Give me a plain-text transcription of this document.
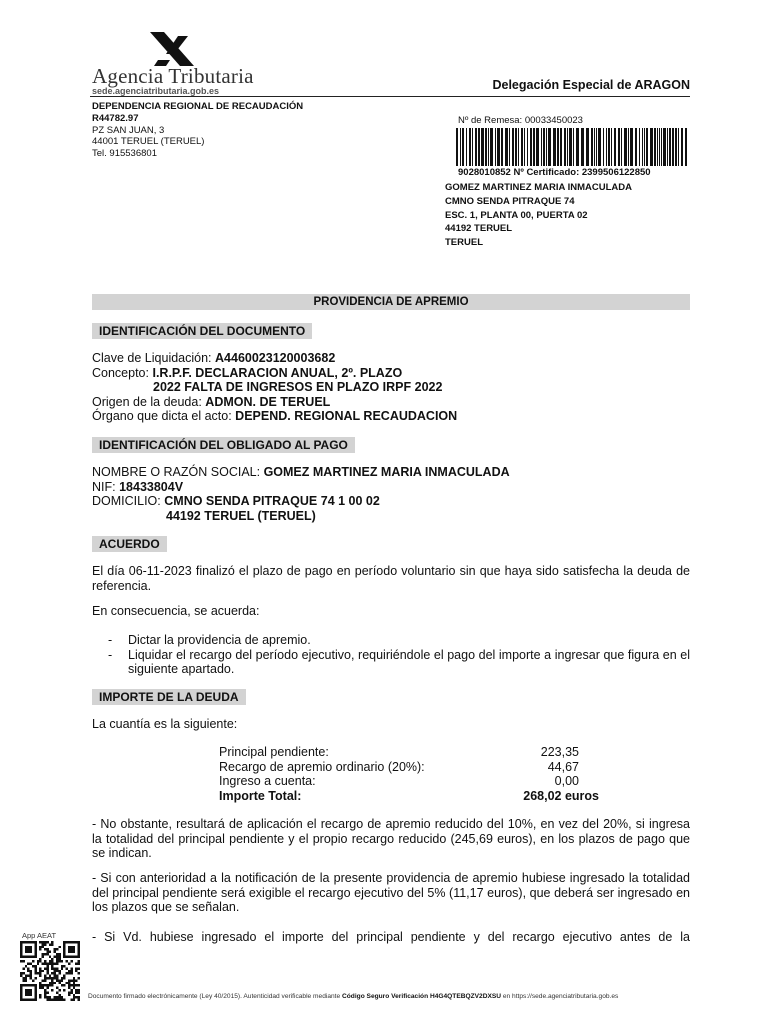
Agencia Tributaria
sede.agenciatributaria.gob.es	Delegación Especial de ARAGON
DEPENDENCIA REGIONAL DE RECAUDACIÓN
R44782.97
PZ SAN JUAN, 3
44001 TERUEL (TERUEL)
Tel. 915536801
Nº de Remesa: 00033450023
9028010852 Nº Certificado: 2399506122850
GOMEZ MARTINEZ MARIA INMACULADA
CMNO SENDA PITRAQUE 74
ESC. 1, PLANTA 00, PUERTA 02
44192 TERUEL
TERUEL
PROVIDENCIA DE APREMIO
IDENTIFICACIÓN DEL DOCUMENTO
Clave de Liquidación: A4460023120003682
Concepto: I.R.P.F. DECLARACION ANUAL, 2º. PLAZO
2022 FALTA DE INGRESOS EN PLAZO IRPF 2022
Origen de la deuda: ADMON. DE TERUEL
Órgano que dicta el acto: DEPEND. REGIONAL RECAUDACION
IDENTIFICACIÓN DEL OBLIGADO AL PAGO
NOMBRE O RAZÓN SOCIAL: GOMEZ MARTINEZ MARIA INMACULADA
NIF: 18433804V
DOMICILIO: CMNO SENDA PITRAQUE 74 1 00 02
44192 TERUEL (TERUEL)
ACUERDO
El día 06-11-2023 finalizó el plazo de pago en período voluntario sin que haya sido satisfecha la deuda de referencia.
En consecuencia, se acuerda:
- Dictar la providencia de apremio.
- Liquidar el recargo del período ejecutivo, requiriéndole el pago del importe a ingresar que figura en el siguiente apartado.
IMPORTE DE LA DEUDA
La cuantía es la siguiente:
Principal pendiente:	223,35
Recargo de apremio ordinario (20%):	44,67
Ingreso a cuenta:	0,00
Importe Total:	268,02 euros
- No obstante, resultará de aplicación el recargo de apremio reducido del 10%, en vez del 20%, si ingresa la totalidad del principal pendiente y el propio recargo reducido (245,69 euros), en los plazos de pago que se indican.
- Si con anterioridad a la notificación de la presente providencia de apremio hubiese ingresado la totalidad del principal pendiente será exigible el recargo ejecutivo del 5% (11,17 euros), que deberá ser ingresado en los plazos que se señalan.
- Si Vd. hubiese ingresado el importe del principal pendiente y del recargo ejecutivo antes de la
App AEAT
Documento firmado electrónicamente (Ley 40/2015). Autenticidad verificable mediante Código Seguro Verificación H4G4QTEBQZV2DXSU en https://sede.agenciatributaria.gob.es
